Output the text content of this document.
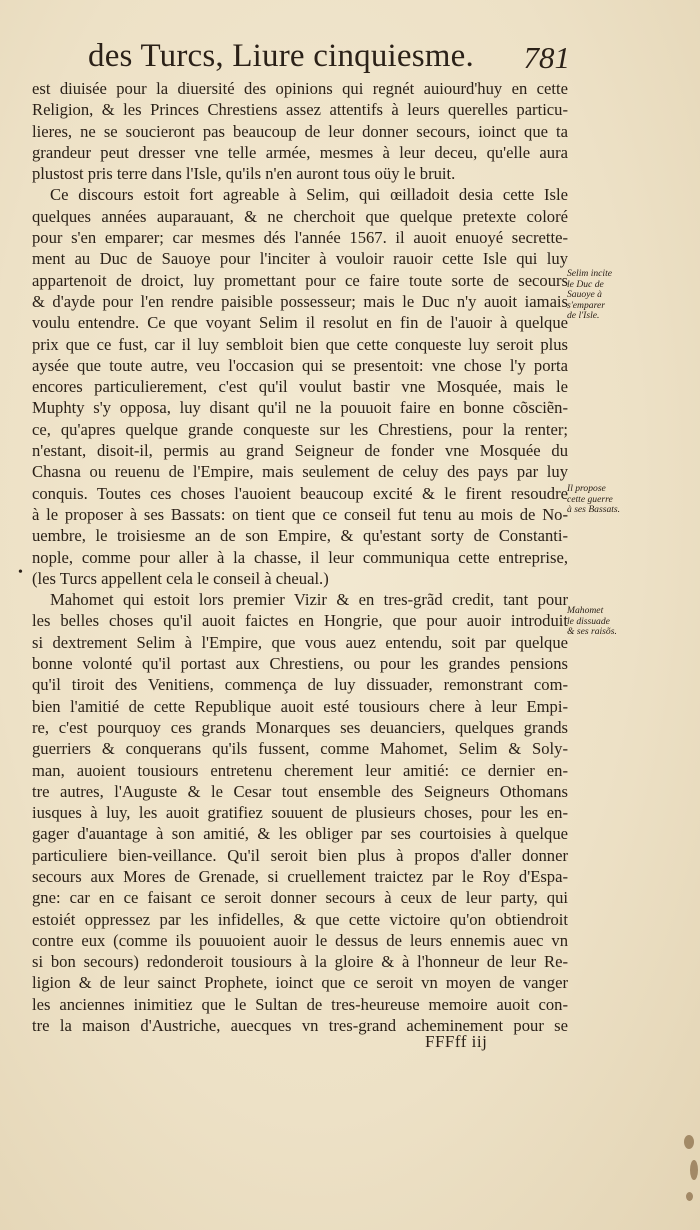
des Turcs, Liure cinquiesme. 781
est diuisée pour la diuersité des opinions qui regnét auiourd'huy en cette
Religion, & les Princes Chrestiens assez attentifs à leurs querelles particu-
lieres, ne se soucieront pas beaucoup de leur donner secours, ioinct que ta
grandeur peut dresser vne telle armée, mesmes à leur deceu, qu'elle aura
plustost pris terre dans l'Isle, qu'ils n'en auront tous oüy le bruit.
Ce discours estoit fort agreable à Selim, qui œilladoit desia cette Isle
quelques années auparauant, & ne cherchoit que quelque pretexte coloré
pour s'en emparer; car mesmes dés l'année 1567. il auoit enuoyé secrette-
ment au Duc de Sauoye pour l'inciter à vouloir rauoir cette Isle qui luy
appartenoit de droict, luy promettant pour ce faire toute sorte de secours
& d'ayde pour l'en rendre paisible possesseur; mais le Duc n'y auoit iamais
voulu entendre. Ce que voyant Selim il resolut en fin de l'auoir à quelque
prix que ce fust, car il luy sembloit bien que cette conqueste luy seroit plus
aysée que toute autre, veu l'occasion qui se presentoit: vne chose l'y porta
encores particulierement, c'est qu'il voulut bastir vne Mosquée, mais le
Muphty s'y opposa, luy disant qu'il ne la pouuoit faire en bonne cõsciẽn-
ce, qu'apres quelque grande conqueste sur les Chrestiens, pour la renter;
n'estant, disoit-il, permis au grand Seigneur de fonder vne Mosquée du
Chasna ou reuenu de l'Empire, mais seulement de celuy des pays par luy
conquis. Toutes ces choses l'auoient beaucoup excité & le firent resoudre
à le proposer à ses Bassats: on tient que ce conseil fut tenu au mois de No-
uembre, le troisiesme an de son Empire, & qu'estant sorty de Constanti-
nople, comme pour aller à la chasse, il leur communiqua cette entreprise,
(les Turcs appellent cela le conseil à cheual.)
Mahomet qui estoit lors premier Vizir & en tres-grãd credit, tant pour
les belles choses qu'il auoit faictes en Hongrie, que pour auoir introduit
si dextrement Selim à l'Empire, que vous auez entendu, soit par quelque
bonne volonté qu'il portast aux Chrestiens, ou pour les grandes pensions
qu'il tiroit des Venitiens, commença de luy dissuader, remonstrant com-
bien l'amitié de cette Republique auoit esté tousiours chere à leur Empi-
re, c'est pourquoy ces grands Monarques ses deuanciers, quelques grands
guerriers & conquerans qu'ils fussent, comme Mahomet, Selim & Soly-
man, auoient tousiours entretenu cherement leur amitié: ce dernier en-
tre autres, l'Auguste & le Cesar tout ensemble des Seigneurs Othomans
iusques à luy, les auoit gratifiez souuent de plusieurs choses, pour les en-
gager d'auantage à son amitié, & les obliger par ses courtoisies à quelque
particuliere bien-veillance. Qu'il seroit bien plus à propos d'aller donner
secours aux Mores de Grenade, si cruellement traictez par le Roy d'Espa-
gne: car en ce faisant ce seroit donner secours à ceux de leur party, qui
estoiét oppressez par les infidelles, & que cette victoire qu'on obtiendroit
contre eux (comme ils pouuoient auoir le dessus de leurs ennemis auec vn
si bon secours) redonderoit tousiours à la gloire & à l'honneur de leur Re-
ligion & de leur sainct Prophete, ioinct que ce seroit vn moyen de vanger
les anciennes inimitiez que le Sultan de tres-heureuse memoire auoit con-
tre la maison d'Austriche, auecques vn tres-grand acheminement pour se
Selim incite
le Duc de
Sauoye à
s'emparer
de l'Isle.
Il propose
cette guerre
à ses Bassats.
Mahomet
le dissuade
& ses raisõs.
FFFff iij
•
